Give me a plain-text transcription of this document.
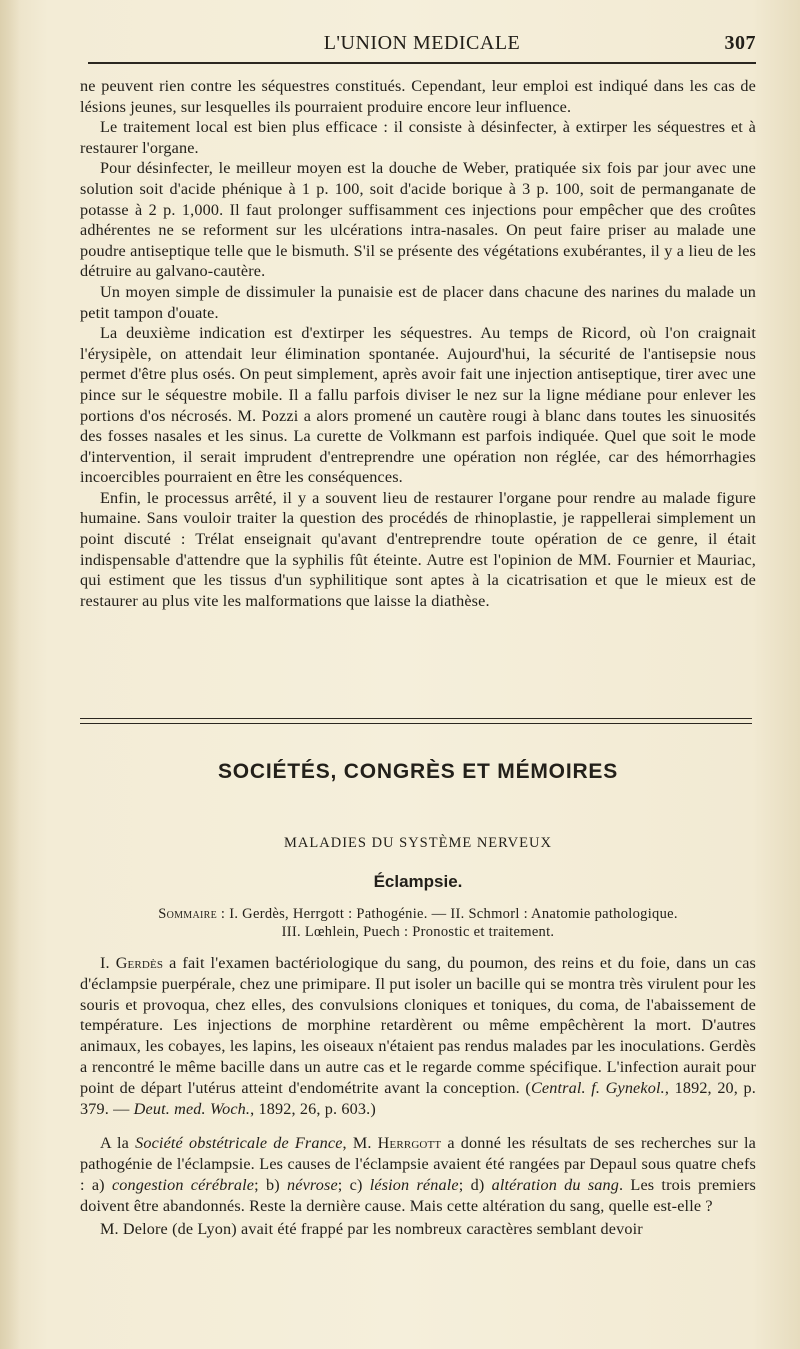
L'UNION MEDICALE	307

ne peuvent rien contre les séquestres constitués. Cependant, leur emploi est indiqué dans les cas de lésions jeunes, sur lesquelles ils pourraient produire encore leur influence.

Le traitement local est bien plus efficace : il consiste à désinfecter, à extirper les séquestres et à restaurer l'organe.

Pour désinfecter, le meilleur moyen est la douche de Weber, pratiquée six fois par jour avec une solution soit d'acide phénique à 1 p. 100, soit d'acide borique à 3 p. 100, soit de permanganate de potasse à 2 p. 1,000. Il faut prolonger suffisamment ces injections pour empêcher que des croûtes adhérentes ne se reforment sur les ulcérations intra-nasales. On peut faire priser au malade une poudre antiseptique telle que le bismuth. S'il se présente des végétations exubérantes, il y a lieu de les détruire au galvano-cautère.

Un moyen simple de dissimuler la punaisie est de placer dans chacune des narines du malade un petit tampon d'ouate.

La deuxième indication est d'extirper les séquestres. Au temps de Ricord, où l'on craignait l'érysipèle, on attendait leur élimination spontanée. Aujourd'hui, la sécurité de l'antisepsie nous permet d'être plus osés. On peut simplement, après avoir fait une injection antiseptique, tirer avec une pince sur le séquestre mobile. Il a fallu parfois diviser le nez sur la ligne médiane pour enlever les portions d'os nécrosés. M. Pozzi a alors promené un cautère rougi à blanc dans toutes les sinuosités des fosses nasales et les sinus. La curette de Volkmann est parfois indiquée. Quel que soit le mode d'intervention, il serait imprudent d'entreprendre une opération non réglée, car des hémorrhagies incoercibles pourraient en être les conséquences.

Enfin, le processus arrêté, il y a souvent lieu de restaurer l'organe pour rendre au malade figure humaine. Sans vouloir traiter la question des procédés de rhinoplastie, je rappellerai simplement un point discuté : Trélat enseignait qu'avant d'entreprendre toute opération de ce genre, il était indispensable d'attendre que la syphilis fût éteinte. Autre est l'opinion de MM. Fournier et Mauriac, qui estiment que les tissus d'un syphilitique sont aptes à la cicatrisation et que le mieux est de restaurer au plus vite les malformations que laisse la diathèse.

SOCIÉTÉS, CONGRÈS ET MÉMOIRES
MALADIES DU SYSTÈME NERVEUX
Éclampsie.
Sommaire : I. Gerdès, Herrgott : Pathogénie. — II. Schmorl : Anatomie pathologique.
III. Lœhlein, Puech : Pronostic et traitement.

I. Gerdès a fait l'examen bactériologique du sang, du poumon, des reins et du foie, dans un cas d'éclampsie puerpérale, chez une primipare. Il put isoler un bacille qui se montra très virulent pour les souris et provoqua, chez elles, des convulsions cloniques et toniques, du coma, de l'abaissement de température. Les injections de morphine retardèrent ou même empêchèrent la mort. D'autres animaux, les cobayes, les lapins, les oiseaux n'étaient pas rendus malades par les inoculations. Gerdès a rencontré le même bacille dans un autre cas et le regarde comme spécifique. L'infection aurait pour point de départ l'utérus atteint d'endométrite avant la conception. (Central. f. Gynekol., 1892, 20, p. 379. — Deut. med. Woch., 1892, 26, p. 603.)

A la Société obstétricale de France, M. Herrgott a donné les résultats de ses recherches sur la pathogénie de l'éclampsie. Les causes de l'éclampsie avaient été rangées par Depaul sous quatre chefs : a) congestion cérébrale; b) névrose; c) lésion rénale; d) altération du sang. Les trois premiers doivent être abandonnés. Reste la dernière cause. Mais cette altération du sang, quelle est-elle ?

M. Delore (de Lyon) avait été frappé par les nombreux caractères semblant devoir
